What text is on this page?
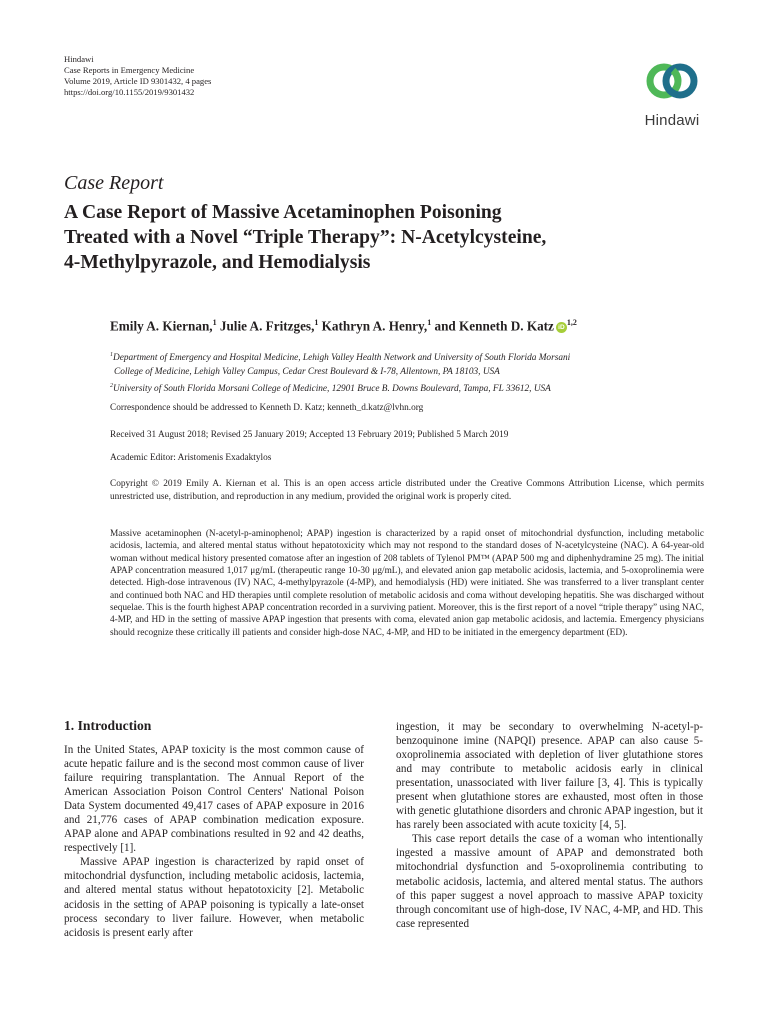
Hindawi
Case Reports in Emergency Medicine
Volume 2019, Article ID 9301432, 4 pages
https://doi.org/10.1155/2019/9301432
Hindawi
Case Report
A Case Report of Massive Acetaminophen Poisoning
Treated with a Novel “Triple Therapy”: N-Acetylcysteine,
4-Methylpyrazole, and Hemodialysis
Emily A. Kiernan,$^1$ Julie A. Fritzges,$^1$ Kathryn A. Henry,$^1$ and Kenneth D. Katz iD$^{1,2}$
$^1$Department of Emergency and Hospital Medicine, Lehigh Valley Health Network and University of South Florida Morsani
College of Medicine, Lehigh Valley Campus, Cedar Crest Boulevard & I-78, Allentown, PA 18103, USA
$^2$University of South Florida Morsani College of Medicine, 12901 Bruce B. Downs Boulevard, Tampa, FL 33612, USA
Correspondence should be addressed to Kenneth D. Katz; kenneth_d.katz@lvhn.org
Received 31 August 2018; Revised 25 January 2019; Accepted 13 February 2019; Published 5 March 2019
Academic Editor: Aristomenis Exadaktylos
Copyright © 2019 Emily A. Kiernan et al. This is an open access article distributed under the Creative Commons Attribution License, which permits unrestricted use, distribution, and reproduction in any medium, provided the original work is properly cited.
Massive acetaminophen (N-acetyl-p-aminophenol; APAP) ingestion is characterized by a rapid onset of mitochondrial dysfunction, including metabolic acidosis, lactemia, and altered mental status without hepatotoxicity which may not respond to the standard doses of N-acetylcysteine (NAC). A 64-year-old woman without medical history presented comatose after an ingestion of 208 tablets of Tylenol PM™ (APAP 500 mg and diphenhydramine 25 mg). The initial APAP concentration measured 1,017 μg/mL (therapeutic range 10-30 μg/mL), and elevated anion gap metabolic acidosis, lactemia, and 5-oxoprolinemia were detected. High-dose intravenous (IV) NAC, 4-methylpyrazole (4-MP), and hemodialysis (HD) were initiated. She was transferred to a liver transplant center and continued both NAC and HD therapies until complete resolution of metabolic acidosis and coma without developing hepatitis. She was discharged without sequelae. This is the fourth highest APAP concentration recorded in a surviving patient. Moreover, this is the first report of a novel “triple therapy” using NAC, 4-MP, and HD in the setting of massive APAP ingestion that presents with coma, elevated anion gap metabolic acidosis, and lactemia. Emergency physicians should recognize these critically ill patients and consider high-dose NAC, 4-MP, and HD to be initiated in the emergency department (ED).
1. Introduction

In the United States, APAP toxicity is the most common cause of acute hepatic failure and is the second most common cause of liver failure requiring transplantation. The Annual Report of the American Association Poison Control Centers' National Poison Data System documented 49,417 cases of APAP exposure in 2016 and 21,776 cases of APAP combination medication exposure. APAP alone and APAP combinations resulted in 92 and 42 deaths, respectively [1].

Massive APAP ingestion is characterized by rapid onset of mitochondrial dysfunction, including metabolic acidosis, lactemia, and altered mental status without hepatotoxicity [2]. Metabolic acidosis in the setting of APAP poisoning is typically a late-onset process secondary to liver failure. However, when metabolic acidosis is present early after

ingestion, it may be secondary to overwhelming N-acetyl-p-benzoquinone imine (NAPQI) presence. APAP can also cause 5-oxoprolinemia associated with depletion of liver glutathione stores and may contribute to metabolic acidosis early in clinical presentation, unassociated with liver failure [3, 4]. This is typically present when glutathione stores are exhausted, most often in those with genetic glutathione disorders and chronic APAP ingestion, but it has rarely been associated with acute toxicity [4, 5].

This case report details the case of a woman who intentionally ingested a massive amount of APAP and demonstrated both mitochondrial dysfunction and 5-oxoprolinemia contributing to metabolic acidosis, lactemia, and altered mental status. The authors of this paper suggest a novel approach to massive APAP toxicity through concomitant use of high-dose, IV NAC, 4-MP, and HD. This case represented
